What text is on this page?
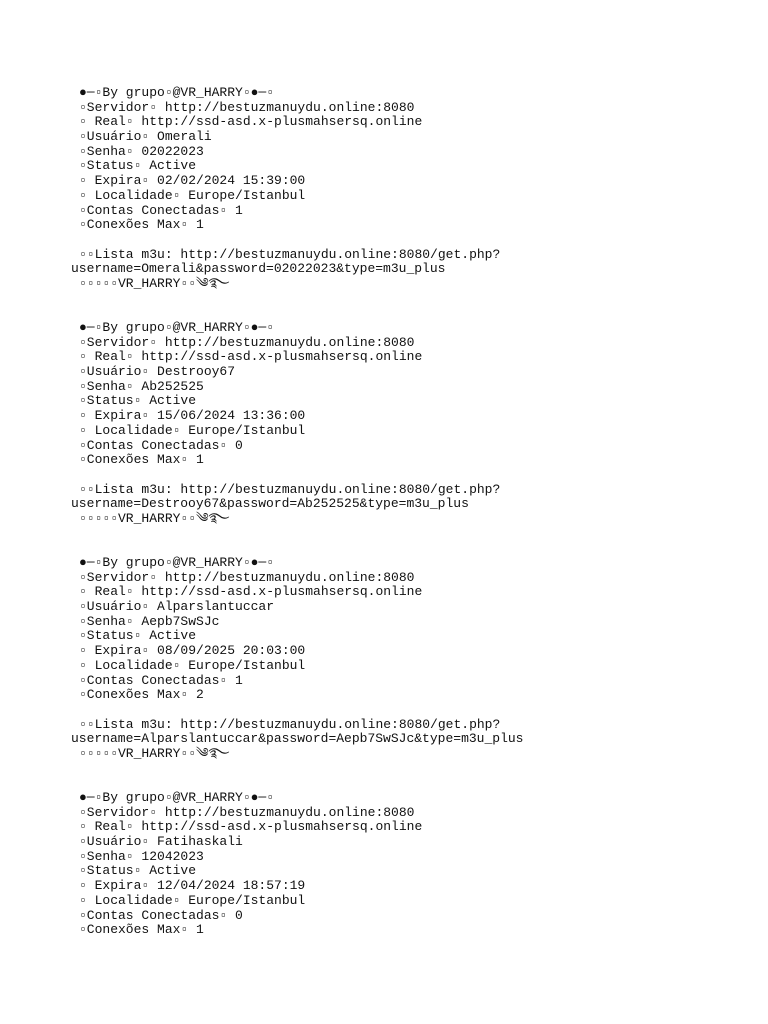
●─▫By grupo▫@VR_HARRY▫●─▫
▫Servidor▫ http://bestuzmanuydu.online:8080
▫ Real▫ http://ssd-asd.x-plusmahsersq.online
▫Usuário▫ Omerali
▫Senha▫ 02022023
▫Status▫ Active
▫ Expira▫ 02/02/2024 15:39:00
▫ Localidade▫ Europe/Istanbul
▫Contas Conectadas▫ 1
▫Conexões Max▫ 1
▫▫Lista m3u: http://bestuzmanuydu.online:8080/get.php?
username=Omerali&password=02022023&type=m3u_plus
▫▫▫▫▫VR_HARRY▫▫༄࿐
●─▫By grupo▫@VR_HARRY▫●─▫
▫Servidor▫ http://bestuzmanuydu.online:8080
▫ Real▫ http://ssd-asd.x-plusmahsersq.online
▫Usuário▫ Destrooy67
▫Senha▫ Ab252525
▫Status▫ Active
▫ Expira▫ 15/06/2024 13:36:00
▫ Localidade▫ Europe/Istanbul
▫Contas Conectadas▫ 0
▫Conexões Max▫ 1
▫▫Lista m3u: http://bestuzmanuydu.online:8080/get.php?
username=Destrooy67&password=Ab252525&type=m3u_plus
▫▫▫▫▫VR_HARRY▫▫༄࿐
●─▫By grupo▫@VR_HARRY▫●─▫
▫Servidor▫ http://bestuzmanuydu.online:8080
▫ Real▫ http://ssd-asd.x-plusmahsersq.online
▫Usuário▫ Alparslantuccar
▫Senha▫ Aepb7SwSJc
▫Status▫ Active
▫ Expira▫ 08/09/2025 20:03:00
▫ Localidade▫ Europe/Istanbul
▫Contas Conectadas▫ 1
▫Conexões Max▫ 2
▫▫Lista m3u: http://bestuzmanuydu.online:8080/get.php?
username=Alparslantuccar&password=Aepb7SwSJc&type=m3u_plus
▫▫▫▫▫VR_HARRY▫▫༄࿐
●─▫By grupo▫@VR_HARRY▫●─▫
▫Servidor▫ http://bestuzmanuydu.online:8080
▫ Real▫ http://ssd-asd.x-plusmahsersq.online
▫Usuário▫ Fatihaskali
▫Senha▫ 12042023
▫Status▫ Active
▫ Expira▫ 12/04/2024 18:57:19
▫ Localidade▫ Europe/Istanbul
▫Contas Conectadas▫ 0
▫Conexões Max▫ 1
